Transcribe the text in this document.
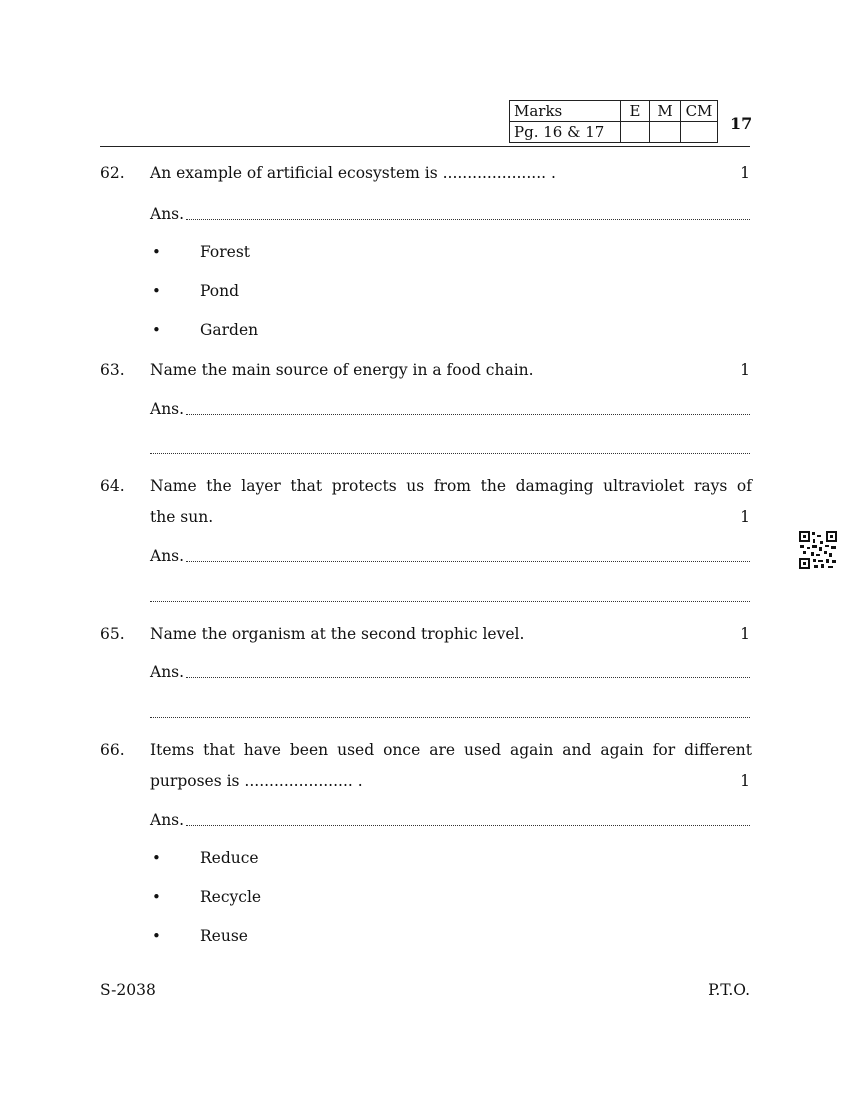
Marks	E	M	CM
Pg. 16 & 17				17
62. An example of artificial ecosystem is ..................... .	1
Ans.
•	Forest
•	Pond
•	Garden
63. Name the main source of energy in a food chain.	1
Ans.
64. Name the layer that protects us from the damaging ultraviolet rays of
the sun.	1
Ans.
65. Name the organism at the second trophic level.	1
Ans.
66. Items that have been used once are used again and again for different
purposes is ...................... .	1
Ans.
•	Reduce
•	Recycle
•	Reuse
S-2038	P.T.O.
